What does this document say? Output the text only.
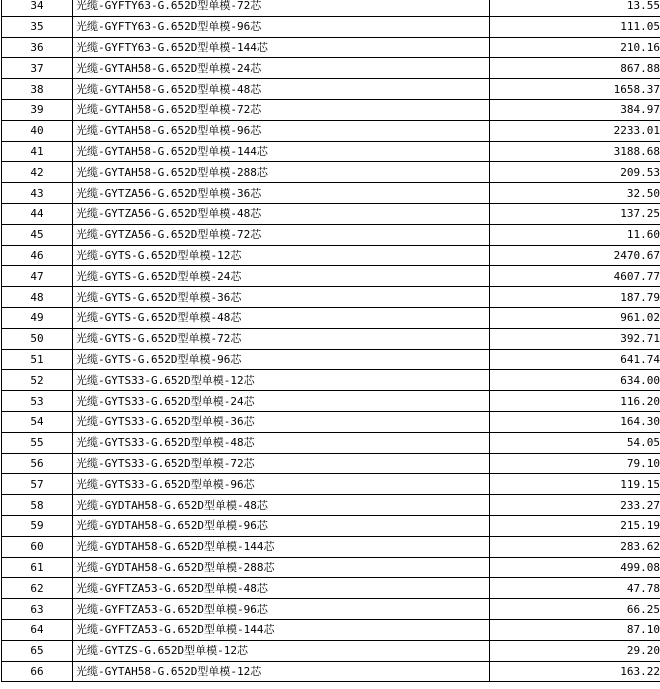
34	光缆-GYFTY63-G.652D型单模-72芯	13.55
35	光缆-GYFTY63-G.652D型单模-96芯	111.05
36	光缆-GYFTY63-G.652D型单模-144芯	210.16
37	光缆-GYTAH58-G.652D型单模-24芯	867.88
38	光缆-GYTAH58-G.652D型单模-48芯	1658.37
39	光缆-GYTAH58-G.652D型单模-72芯	384.97
40	光缆-GYTAH58-G.652D型单模-96芯	2233.01
41	光缆-GYTAH58-G.652D型单模-144芯	3188.68
42	光缆-GYTAH58-G.652D型单模-288芯	209.53
43	光缆-GYTZA56-G.652D型单模-36芯	32.50
44	光缆-GYTZA56-G.652D型单模-48芯	137.25
45	光缆-GYTZA56-G.652D型单模-72芯	11.60
46	光缆-GYTS-G.652D型单模-12芯	2470.67
47	光缆-GYTS-G.652D型单模-24芯	4607.77
48	光缆-GYTS-G.652D型单模-36芯	187.79
49	光缆-GYTS-G.652D型单模-48芯	961.02
50	光缆-GYTS-G.652D型单模-72芯	392.71
51	光缆-GYTS-G.652D型单模-96芯	641.74
52	光缆-GYTS33-G.652D型单模-12芯	634.00
53	光缆-GYTS33-G.652D型单模-24芯	116.20
54	光缆-GYTS33-G.652D型单模-36芯	164.30
55	光缆-GYTS33-G.652D型单模-48芯	54.05
56	光缆-GYTS33-G.652D型单模-72芯	79.10
57	光缆-GYTS33-G.652D型单模-96芯	119.15
58	光缆-GYDTAH58-G.652D型单模-48芯	233.27
59	光缆-GYDTAH58-G.652D型单模-96芯	215.19
60	光缆-GYDTAH58-G.652D型单模-144芯	283.62
61	光缆-GYDTAH58-G.652D型单模-288芯	499.08
62	光缆-GYFTZA53-G.652D型单模-48芯	47.78
63	光缆-GYFTZA53-G.652D型单模-96芯	66.25
64	光缆-GYFTZA53-G.652D型单模-144芯	87.10
65	光缆-GYTZS-G.652D型单模-12芯	29.20
66	光缆-GYTAH58-G.652D型单模-12芯	163.22
